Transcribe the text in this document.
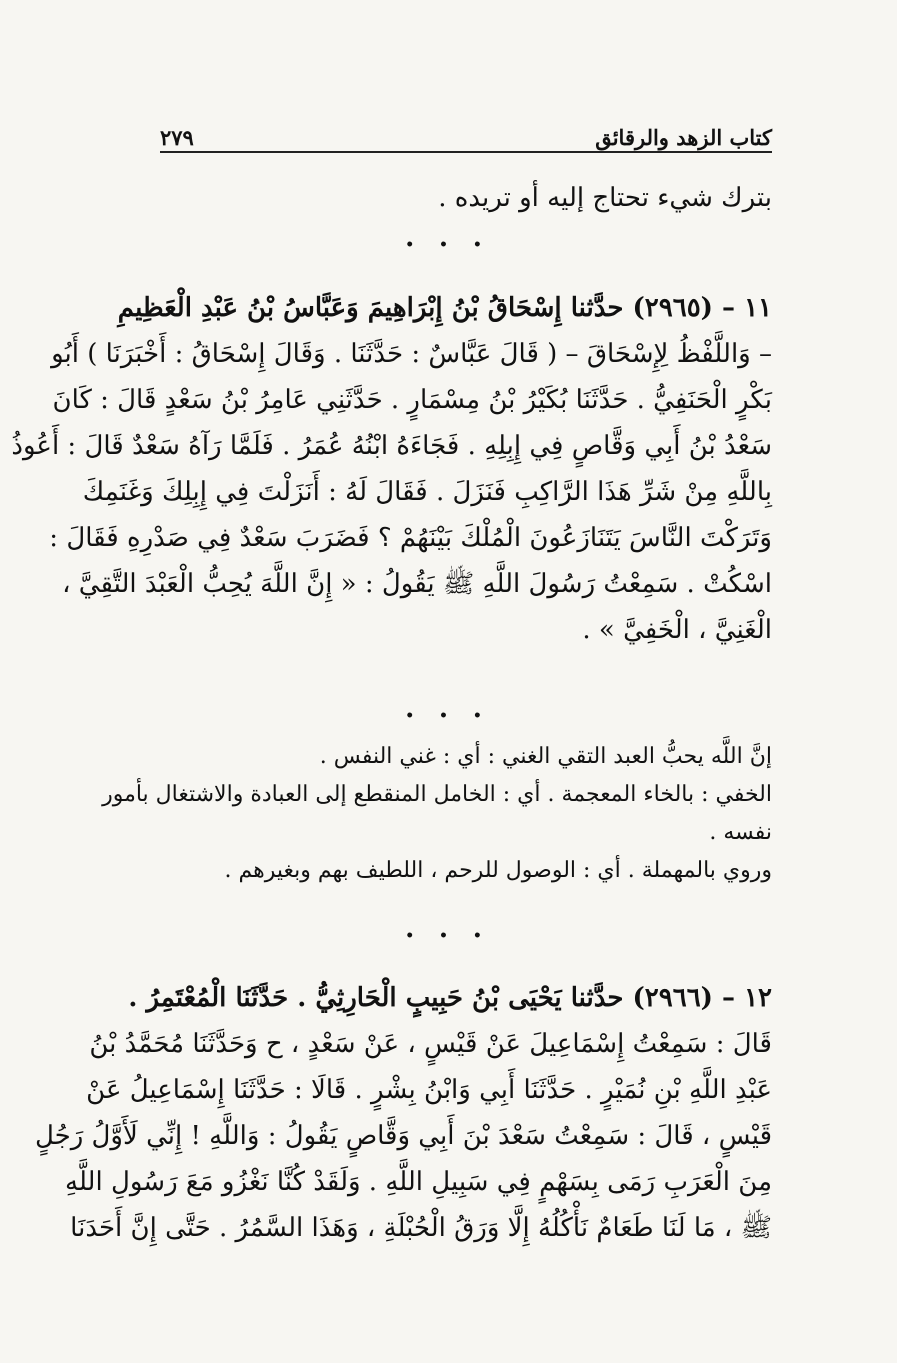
كتاب الزهد والرقائق
٢٧٩
بترك شيء تحتاج إليه أو تريده .
• • •
١١ – (٢٩٦٥) حدَّثنا إِسْحَاقُ بْنُ إِبْرَاهِيمَ وَعَبَّاسُ بْنُ عَبْدِ الْعَظِيمِ
– وَاللَّفْظُ لِإِسْحَاقَ – ( قَالَ عَبَّاسٌ : حَدَّثَنَا . وَقَالَ إِسْحَاقُ : أَخْبَرَنَا ) أَبُو
بَكْرٍ الْحَنَفِيُّ . حَدَّثَنَا بُكَيْرُ بْنُ مِسْمَارٍ . حَدَّثَنِي عَامِرُ بْنُ سَعْدٍ قَالَ : كَانَ
سَعْدُ بْنُ أَبِي وَقَّاصٍ فِي إِبِلِهِ . فَجَاءَهُ ابْنُهُ عُمَرُ . فَلَمَّا رَآهُ سَعْدٌ قَالَ : أَعُوذُ
بِاللَّهِ مِنْ شَرِّ هَذَا الرَّاكِبِ فَنَزَلَ . فَقَالَ لَهُ : أَنَزَلْتَ فِي إِبِلِكَ وَغَنَمِكَ
وَتَرَكْتَ النَّاسَ يَتَنَازَعُونَ الْمُلْكَ بَيْنَهُمْ ؟ فَضَرَبَ سَعْدٌ فِي صَدْرِهِ فَقَالَ :
اسْكُتْ . سَمِعْتُ رَسُولَ اللَّهِ ﷺ يَقُولُ : « إِنَّ اللَّهَ يُحِبُّ الْعَبْدَ التَّقِيَّ ،
الْغَنِيَّ ، الْخَفِيَّ » .
• • •
إنَّ اللَّه يحبُّ العبد التقي الغني : أي : غني النفس .
الخفي : بالخاء المعجمة . أي : الخامل المنقطع إلى العبادة والاشتغال بأمور
نفسه .
وروي بالمهملة . أي : الوصول للرحم ، اللطيف بهم وبغيرهم .
• • •
١٢ – (٢٩٦٦) حدَّثنا يَحْيَى بْنُ حَبِيبٍ الْحَارِثِيُّ . حَدَّثَنَا الْمُعْتَمِرُ .
قَالَ : سَمِعْتُ إِسْمَاعِيلَ عَنْ قَيْسٍ ، عَنْ سَعْدٍ ، ح وَحَدَّثَنَا مُحَمَّدُ بْنُ
عَبْدِ اللَّهِ بْنِ نُمَيْرٍ . حَدَّثَنَا أَبِي وَابْنُ بِشْرٍ . قَالَا : حَدَّثَنَا إِسْمَاعِيلُ عَنْ
قَيْسٍ ، قَالَ : سَمِعْتُ سَعْدَ بْنَ أَبِي وَقَّاصٍ يَقُولُ : وَاللَّهِ ! إِنِّي لَأَوَّلُ رَجُلٍ
مِنَ الْعَرَبِ رَمَى بِسَهْمٍ فِي سَبِيلِ اللَّهِ . وَلَقَدْ كُنَّا نَغْزُو مَعَ رَسُولِ اللَّهِ
ﷺ ، مَا لَنَا طَعَامٌ نَأْكُلُهُ إِلَّا وَرَقُ الْحُبْلَةِ ، وَهَذَا السَّمُرُ . حَتَّى إِنَّ أَحَدَنَا
